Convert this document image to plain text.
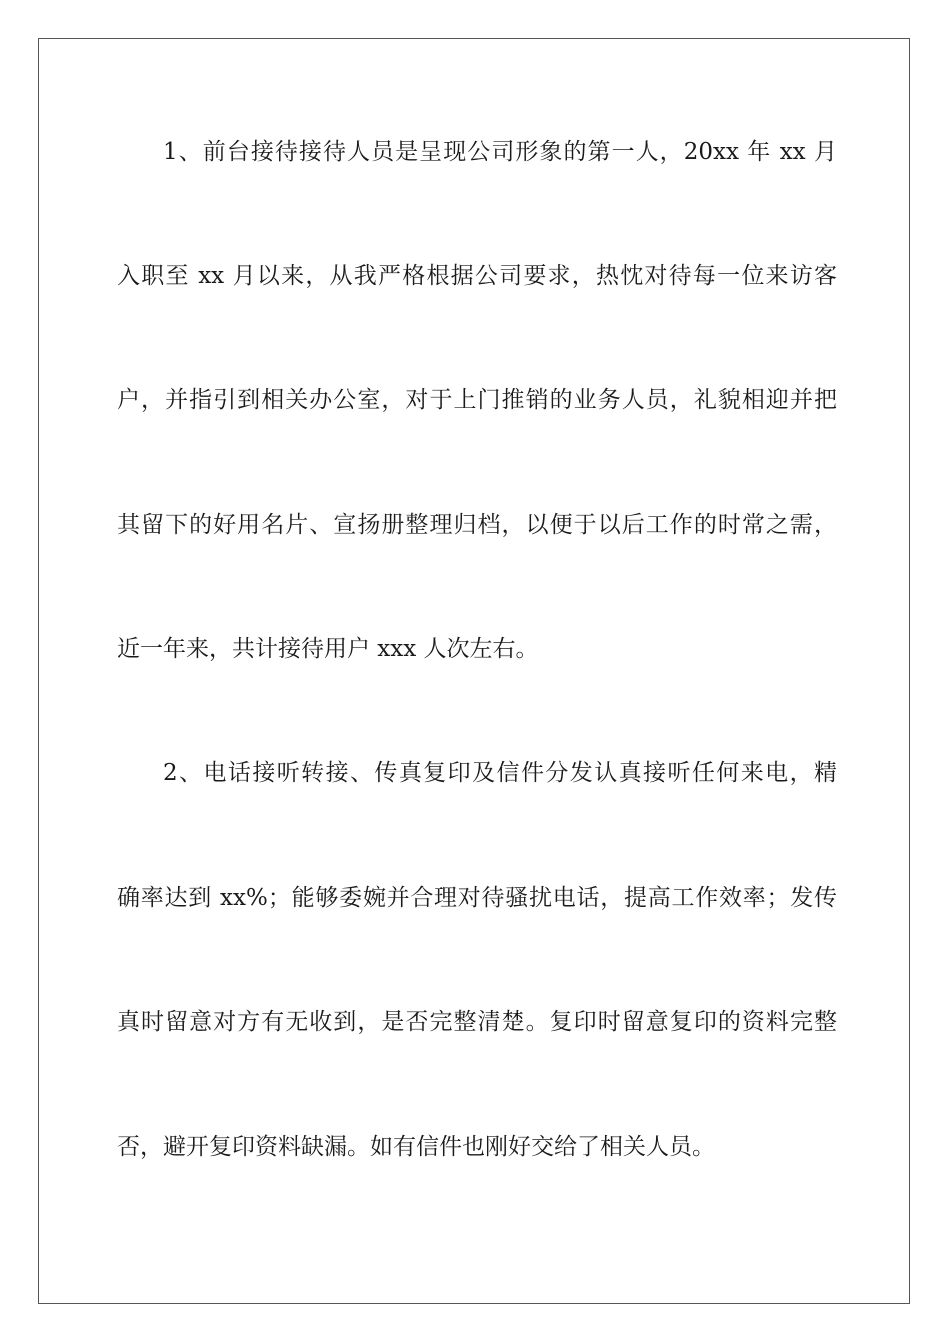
1、前台接待接待人员是呈现公司形象的第一人，20xx 年 xx 月
入职至 xx 月以来，从我严格根据公司要求，热忱对待每一位来访客
户，并指引到相关办公室，对于上门推销的业务人员，礼貌相迎并把
其留下的好用名片、宣扬册整理归档，以便于以后工作的时常之需，
近一年来，共计接待用户 xxx 人次左右。
2、电话接听转接、传真复印及信件分发认真接听任何来电，精
确率达到 xx%；能够委婉并合理对待骚扰电话，提高工作效率；发传
真时留意对方有无收到，是否完整清楚。复印时留意复印的资料完整
否，避开复印资料缺漏。如有信件也刚好交给了相关人员。
